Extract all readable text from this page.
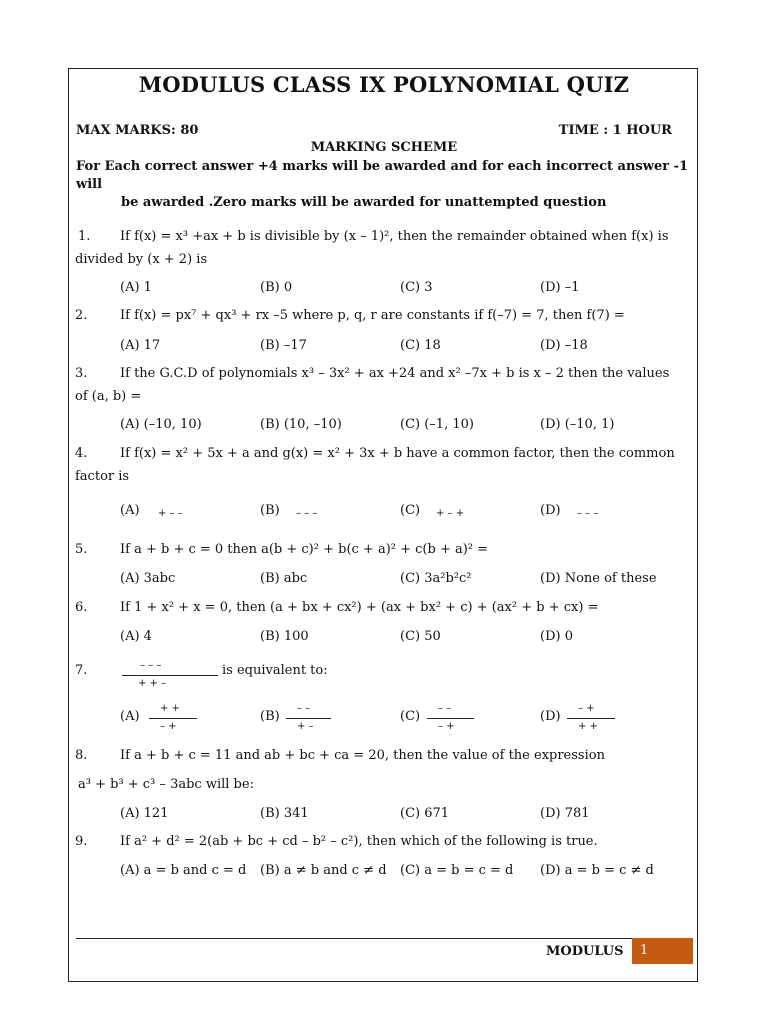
MODULUS CLASS IX POLYNOMIAL QUIZ
MAX MARKS: 80	TIME : 1 HOUR
MARKING SCHEME
For Each correct answer +4 marks will be awarded and for each incorrect answer -1 will
be awarded .Zero marks will be awarded for unattempted question
1. If f(x) = x³ +ax + b is divisible by (x – 1)², then the remainder obtained when f(x) is
divided by (x + 2) is
(A) 1	(B) 0	(C) 3	(D) –1
2.	If f(x) = px⁷ + qx³ + rx –5 where p, q, r are constants if f(–7) = 7, then f(7) =
(A) 17	(B) –17	(C) 18	(D) –18
3.	If the G.C.D of polynomials x³ – 3x² + ax +24 and x² –7x + b is x – 2 then the values
of (a, b) =
(A) (–10, 10)	(B) (10, –10)	(C) (–1, 10)	(D) (–10, 1)
4.	If f(x) = x² + 5x + a and g(x) = x² + 3x + b have a common factor, then the common
factor is
(A) + – –	(B) – – –	(C) + – +	(D) – – –
5.	If a + b + c = 0 then a(b + c)² + b(c + a)² + c(b + a)² =
(A) 3abc	(B) abc	(C) 3a²b²c²	(D) None of these
6.	If 1 + x² + x = 0, then (a + bx + cx²) + (ax + bx² + c) + (ax² + b + cx) =
(A) 4	(B) 100	(C) 50	(D) 0
7.	– – –
+ + –
is equivalent to:
(A)
+ +
– +
(B)
– –
+ –
(C)
– –
– +
(D)
– +
+ +
8.	If a + b + c = 11 and ab + bc + ca = 20, then the value of the expression
a³ + b³ + c³ – 3abc will be:
(A) 121	(B) 341	(C) 671	(D) 781
9.	If a² + d² = 2(ab + bc + cd – b² – c²), then which of the following is true.
(A) a = b and c = d (B) a ≠ b and c ≠ d (C) a = b = c = d (D) a = b = c ≠ d
MODULUS	1
